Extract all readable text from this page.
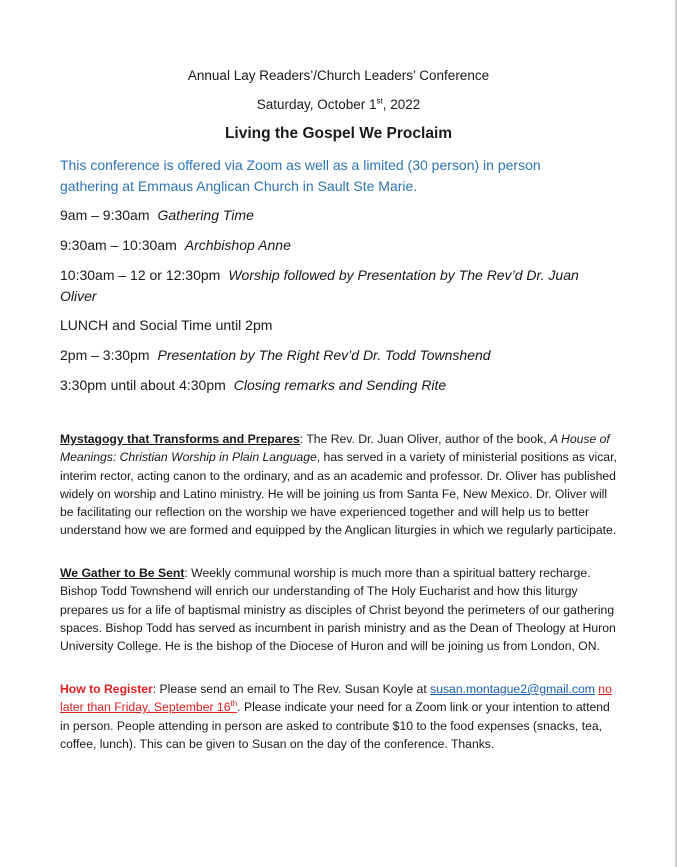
Annual Lay Readers’/Church Leaders’ Conference
Saturday, October 1st, 2022
Living the Gospel We Proclaim
This conference is offered via Zoom as well as a limited (30 person) in person gathering at Emmaus Anglican Church in Sault Ste Marie.
9am – 9:30am Gathering Time
9:30am – 10:30am Archbishop Anne
10:30am – 12 or 12:30pm Worship followed by Presentation by The Rev’d Dr. Juan Oliver
LUNCH and Social Time until 2pm
2pm – 3:30pm Presentation by The Right Rev’d Dr. Todd Townshend
3:30pm until about 4:30pm Closing remarks and Sending Rite
Mystagogy that Transforms and Prepares: The Rev. Dr. Juan Oliver, author of the book, A House of Meanings: Christian Worship in Plain Language, has served in a variety of ministerial positions as vicar, interim rector, acting canon to the ordinary, and as an academic and professor. Dr. Oliver has published widely on worship and Latino ministry. He will be joining us from Santa Fe, New Mexico. Dr. Oliver will be facilitating our reflection on the worship we have experienced together and will help us to better understand how we are formed and equipped by the Anglican liturgies in which we regularly participate.
We Gather to Be Sent: Weekly communal worship is much more than a spiritual battery recharge. Bishop Todd Townshend will enrich our understanding of The Holy Eucharist and how this liturgy prepares us for a life of baptismal ministry as disciples of Christ beyond the perimeters of our gathering spaces. Bishop Todd has served as incumbent in parish ministry and as the Dean of Theology at Huron University College. He is the bishop of the Diocese of Huron and will be joining us from London, ON.
How to Register: Please send an email to The Rev. Susan Koyle at susan.montague2@gmail.com no later than Friday, September 16th. Please indicate your need for a Zoom link or your intention to attend in person. People attending in person are asked to contribute $10 to the food expenses (snacks, tea, coffee, lunch). This can be given to Susan on the day of the conference. Thanks.
